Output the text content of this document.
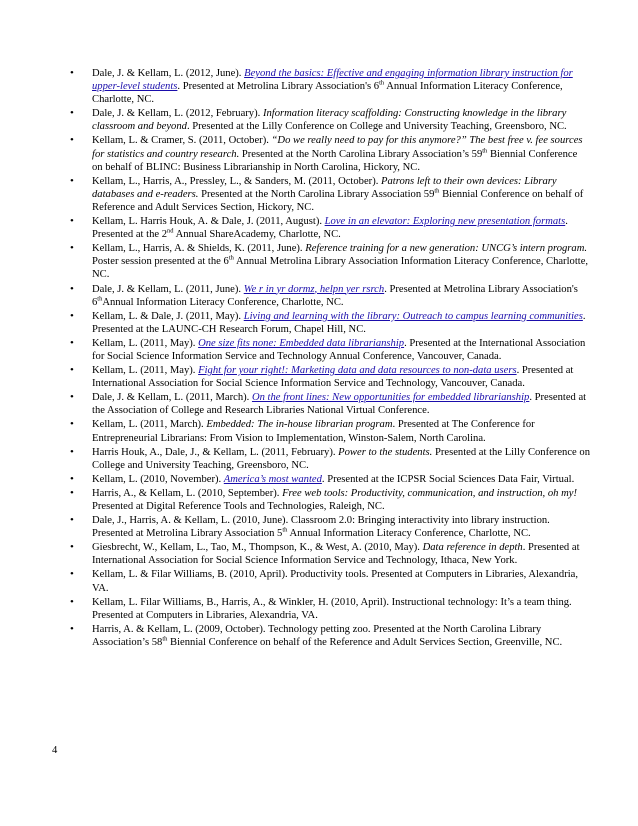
•	Dale, J. & Kellam, L. (2012, June). Beyond the basics: Effective and engaging information library instruction for upper-level students. Presented at Metrolina Library Association's 6th Annual Information Literacy Conference, Charlotte, NC.
•	Dale, J. & Kellam, L. (2012, February). Information literacy scaffolding: Constructing knowledge in the library classroom and beyond. Presented at the Lilly Conference on College and University Teaching, Greensboro, NC.
•	Kellam, L. & Cramer, S. (2011, October). “Do we really need to pay for this anymore?” The best free v. fee sources for statistics and country research. Presented at the North Carolina Library Association’s 59th Biennial Conference on behalf of BLINC: Business Librarianship in North Carolina, Hickory, NC.
•	Kellam, L., Harris, A., Pressley, L., & Sanders, M. (2011, October). Patrons left to their own devices: Library databases and e-readers. Presented at the North Carolina Library Association 59th Biennial Conference on behalf of Reference and Adult Services Section, Hickory, NC.
•	Kellam, L. Harris Houk, A. & Dale, J. (2011, August). Love in an elevator: Exploring new presentation formats. Presented at the 2nd Annual ShareAcademy, Charlotte, NC.
•	Kellam, L., Harris, A. & Shields, K. (2011, June). Reference training for a new generation: UNCG’s intern program. Poster session presented at the 6th Annual Metrolina Library Association Information Literacy Conference, Charlotte, NC.
•	Dale, J. & Kellam, L. (2011, June). We r in yr dormz, helpn yer rsrch. Presented at Metrolina Library Association's 6thAnnual Information Literacy Conference, Charlotte, NC.
•	Kellam, L. & Dale, J. (2011, May). Living and learning with the library: Outreach to campus learning communities. Presented at the LAUNC-CH Research Forum, Chapel Hill, NC.
•	Kellam, L. (2011, May). One size fits none: Embedded data librarianship. Presented at the International Association for Social Science Information Service and Technology Annual Conference, Vancouver, Canada.
•	Kellam, L. (2011, May). Fight for your right!: Marketing data and data resources to non-data users. Presented at International Association for Social Science Information Service and Technology, Vancouver, Canada.
•	Dale, J. & Kellam, L. (2011, March). On the front lines: New opportunities for embedded librarianship. Presented at the Association of College and Research Libraries National Virtual Conference.
•	Kellam, L. (2011, March). Embedded: The in-house librarian program. Presented at The Conference for Entrepreneurial Librarians: From Vision to Implementation, Winston-Salem, North Carolina.
•	Harris Houk, A., Dale, J., & Kellam, L. (2011, February). Power to the students. Presented at the Lilly Conference on College and University Teaching, Greensboro, NC.
•	Kellam, L. (2010, November). America’s most wanted. Presented at the ICPSR Social Sciences Data Fair, Virtual.
•	Harris, A., & Kellam, L. (2010, September). Free web tools: Productivity, communication, and instruction, oh my! Presented at Digital Reference Tools and Technologies, Raleigh, NC.
•	Dale, J., Harris, A. & Kellam, L. (2010, June). Classroom 2.0: Bringing interactivity into library instruction. Presented at Metrolina Library Association 5th Annual Information Literacy Conference, Charlotte, NC.
•	Giesbrecht, W., Kellam, L., Tao, M., Thompson, K., & West, A. (2010, May). Data reference in depth. Presented at International Association for Social Science Information Service and Technology, Ithaca, New York.
•	Kellam, L. & Filar Williams, B. (2010, April). Productivity tools. Presented at Computers in Libraries, Alexandria, VA.
•	Kellam, L. Filar Williams, B., Harris, A., & Winkler, H. (2010, April). Instructional technology: It’s a team thing. Presented at Computers in Libraries, Alexandria, VA.
•	Harris, A. & Kellam, L. (2009, October). Technology petting zoo. Presented at the North Carolina Library Association’s 58th Biennial Conference on behalf of the Reference and Adult Services Section, Greenville, NC.
4
